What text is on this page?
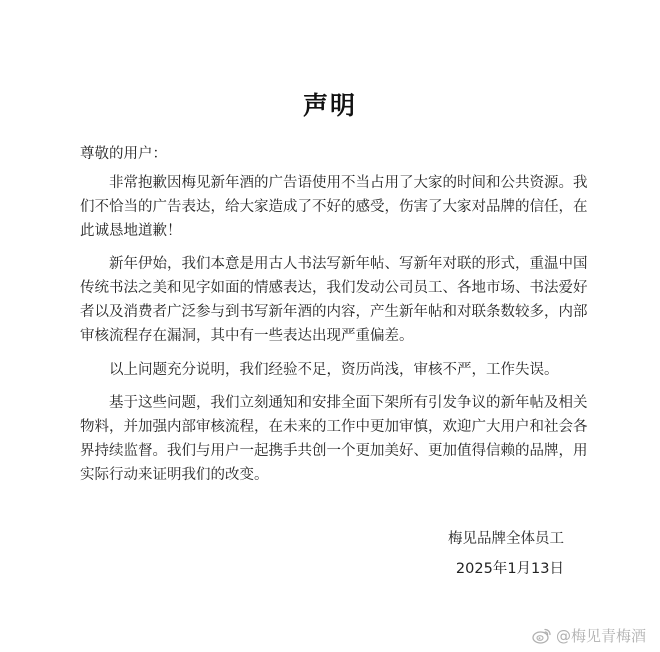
声明
尊敬的用户：

非常抱歉因梅见新年酒的广告语使用不当占用了大家的时间和公共资源。我们不恰当的广告表达，给大家造成了不好的感受，伤害了大家对品牌的信任，在此诚恳地道歉！

新年伊始，我们本意是用古人书法写新年帖、写新年对联的形式，重温中国传统书法之美和见字如面的情感表达，我们发动公司员工、各地市场、书法爱好者以及消费者广泛参与到书写新年酒的内容，产生新年帖和对联条数较多，内部审核流程存在漏洞，其中有一些表达出现严重偏差。

以上问题充分说明，我们经验不足，资历尚浅，审核不严，工作失误。

基于这些问题，我们立刻通知和安排全面下架所有引发争议的新年帖及相关物料，并加强内部审核流程，在未来的工作中更加审慎，欢迎广大用户和社会各界持续监督。我们与用户一起携手共创一个更加美好、更加值得信赖的品牌，用实际行动来证明我们的改变。

梅见品牌全体员工
2025年1月13日
@梅见青梅酒
